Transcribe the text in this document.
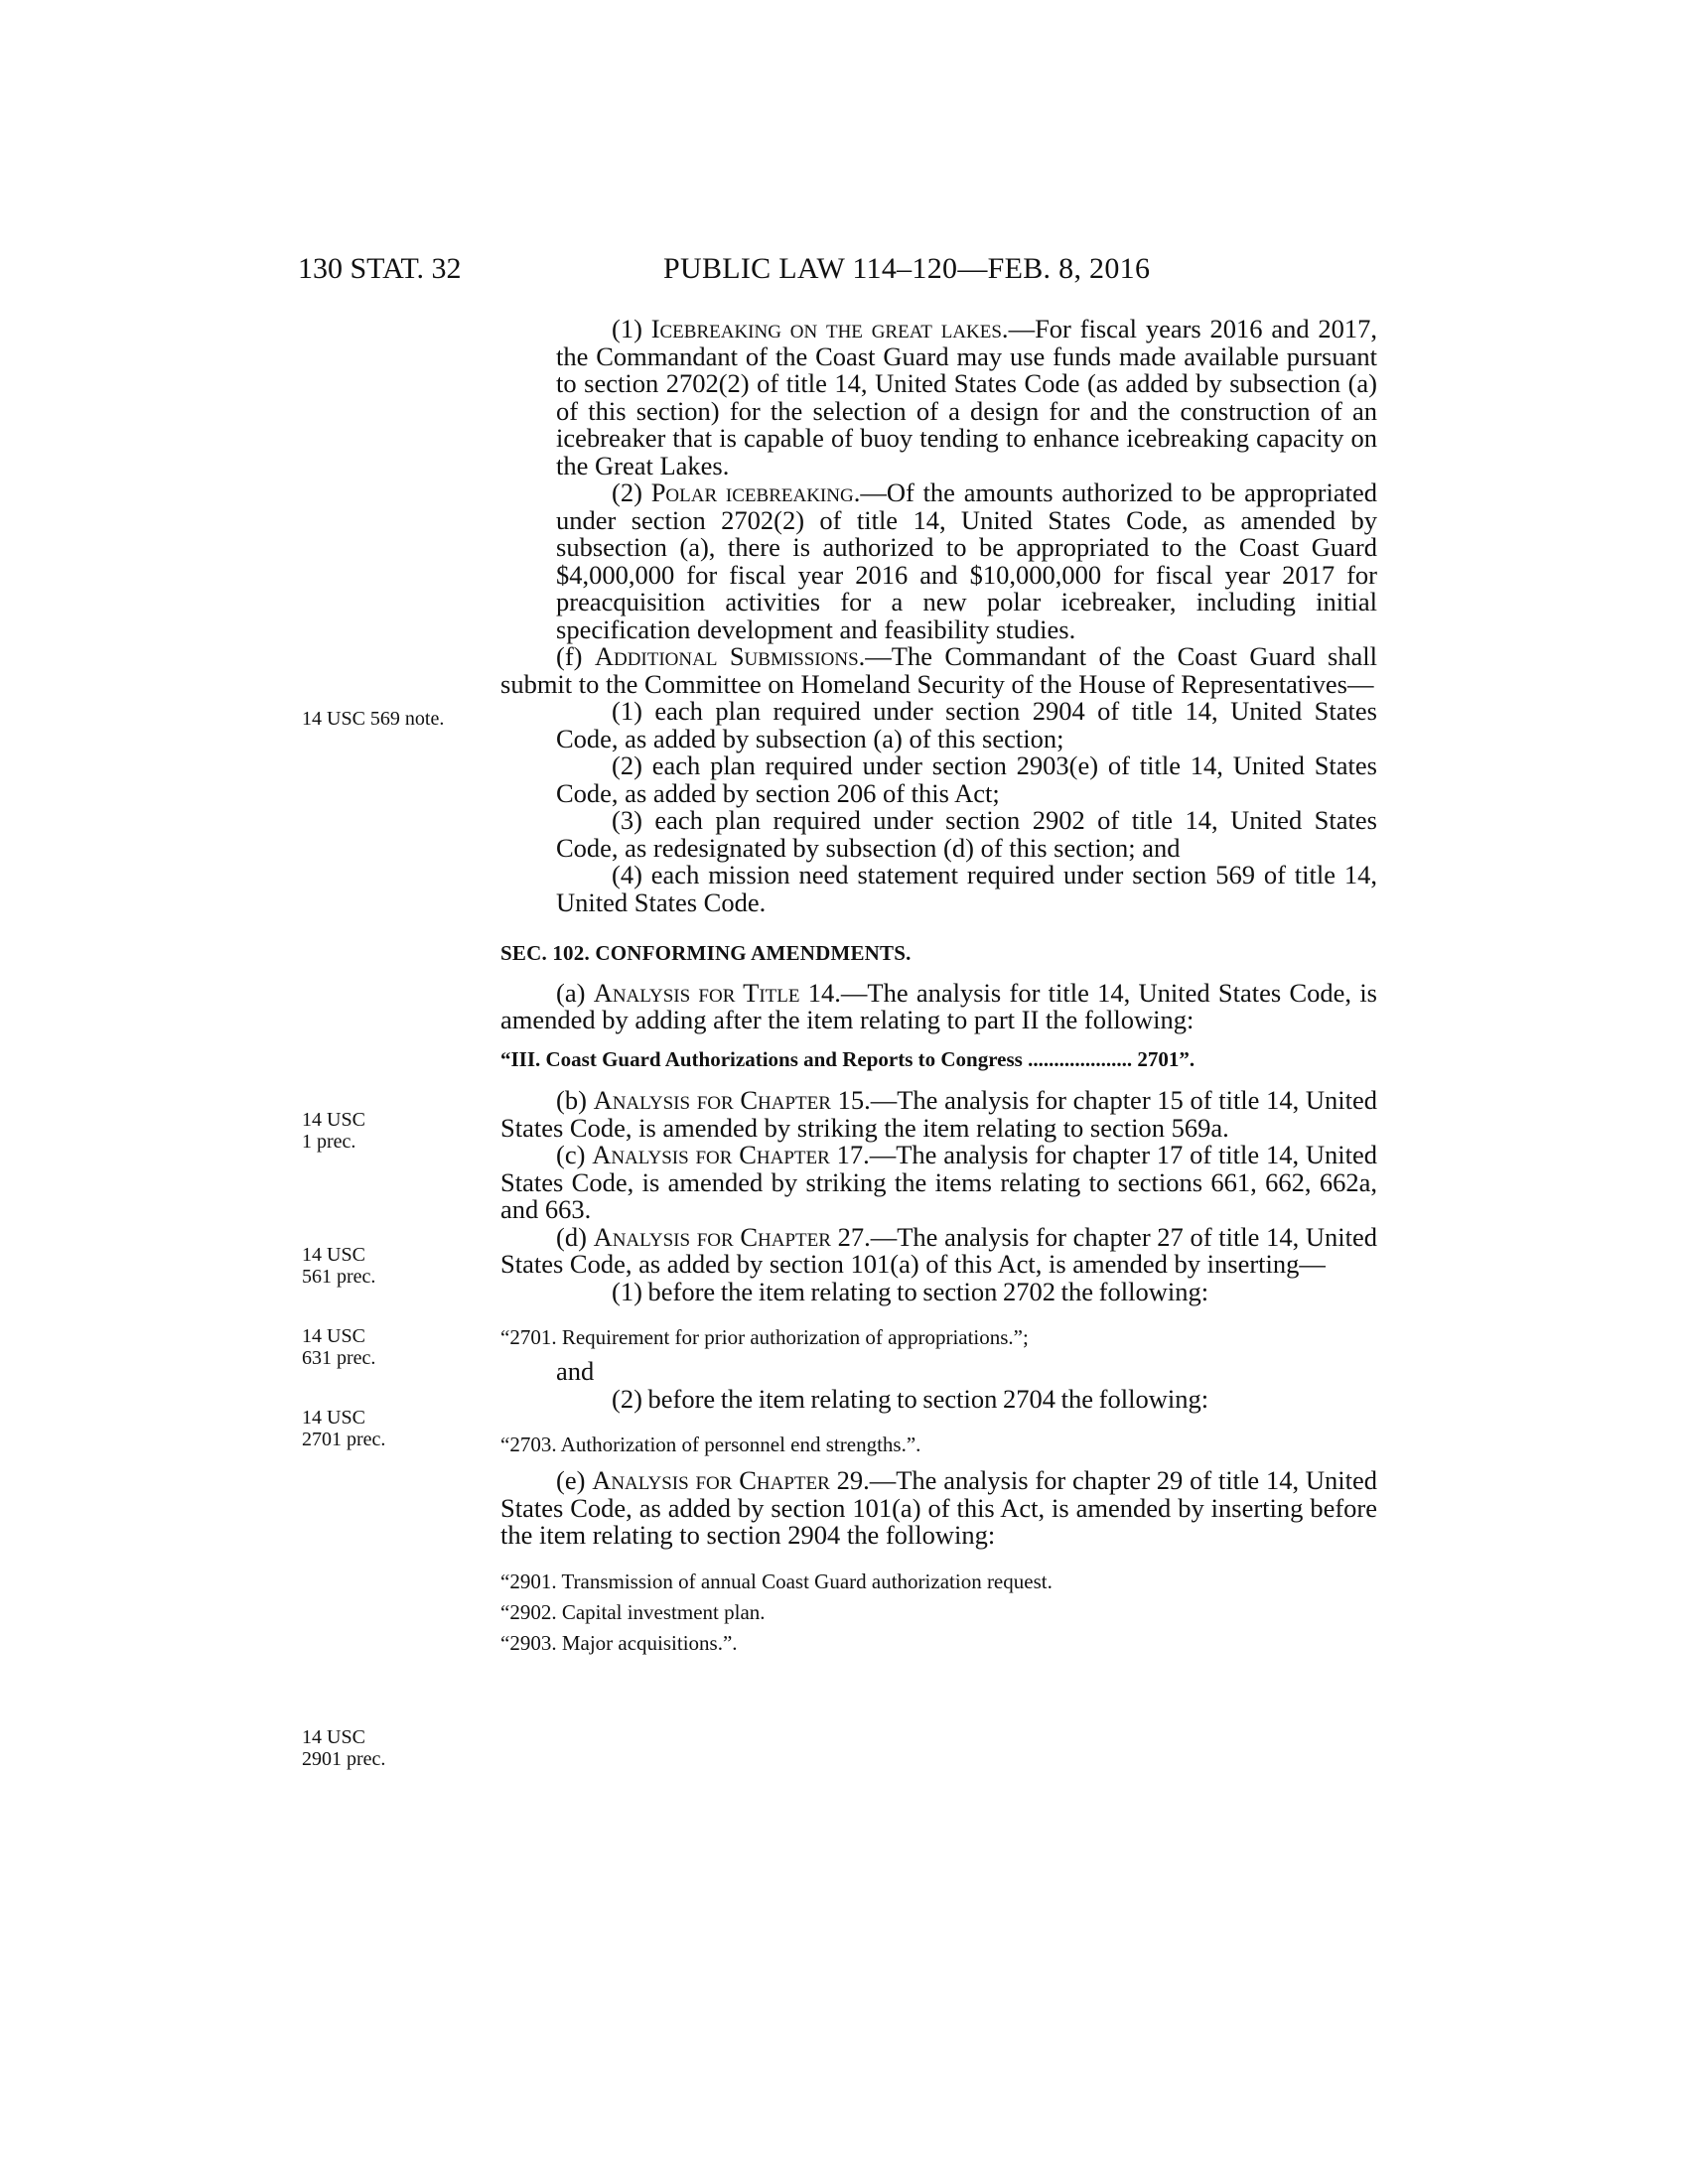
130 STAT. 32	PUBLIC LAW 114–120—FEB. 8, 2016
14 USC 569 note.
14 USC
1 prec.
14 USC
561 prec.
14 USC
631 prec.
14 USC
2701 prec.
14 USC
2901 prec.

(1) Icebreaking on the great lakes.—For fiscal years 2016 and 2017, the Commandant of the Coast Guard may use funds made available pursuant to section 2702(2) of title 14, United States Code (as added by subsection (a) of this section) for the selection of a design for and the construction of an icebreaker that is capable of buoy tending to enhance icebreaking capacity on the Great Lakes.

(2) Polar icebreaking.—Of the amounts authorized to be appropriated under section 2702(2) of title 14, United States Code, as amended by subsection (a), there is authorized to be appropriated to the Coast Guard $4,000,000 for fiscal year 2016 and $10,000,000 for fiscal year 2017 for preacquisition activities for a new polar icebreaker, including initial specification development and feasibility studies.

(f) Additional Submissions.—The Commandant of the Coast Guard shall submit to the Committee on Homeland Security of the House of Representatives—

(1) each plan required under section 2904 of title 14, United States Code, as added by subsection (a) of this section;

(2) each plan required under section 2903(e) of title 14, United States Code, as added by section 206 of this Act;

(3) each plan required under section 2902 of title 14, United States Code, as redesignated by subsection (d) of this section; and

(4) each mission need statement required under section 569 of title 14, United States Code.

SEC. 102. CONFORMING AMENDMENTS.

(a) Analysis for Title 14.—The analysis for title 14, United States Code, is amended by adding after the item relating to part II the following:

“III. Coast Guard Authorizations and Reports to Congress .................... 2701”.

(b) Analysis for Chapter 15.—The analysis for chapter 15 of title 14, United States Code, is amended by striking the item relating to section 569a.

(c) Analysis for Chapter 17.—The analysis for chapter 17 of title 14, United States Code, is amended by striking the items relating to sections 661, 662, 662a, and 663.

(d) Analysis for Chapter 27.—The analysis for chapter 27 of title 14, United States Code, as added by section 101(a) of this Act, is amended by inserting—

(1) before the item relating to section 2702 the following:

“2701. Requirement for prior authorization of appropriations.”;

and

(2) before the item relating to section 2704 the following:

“2703. Authorization of personnel end strengths.”.

(e) Analysis for Chapter 29.—The analysis for chapter 29 of title 14, United States Code, as added by section 101(a) of this Act, is amended by inserting before the item relating to section 2904 the following:

“2901. Transmission of annual Coast Guard authorization request.

“2902. Capital investment plan.

“2903. Major acquisitions.”.
